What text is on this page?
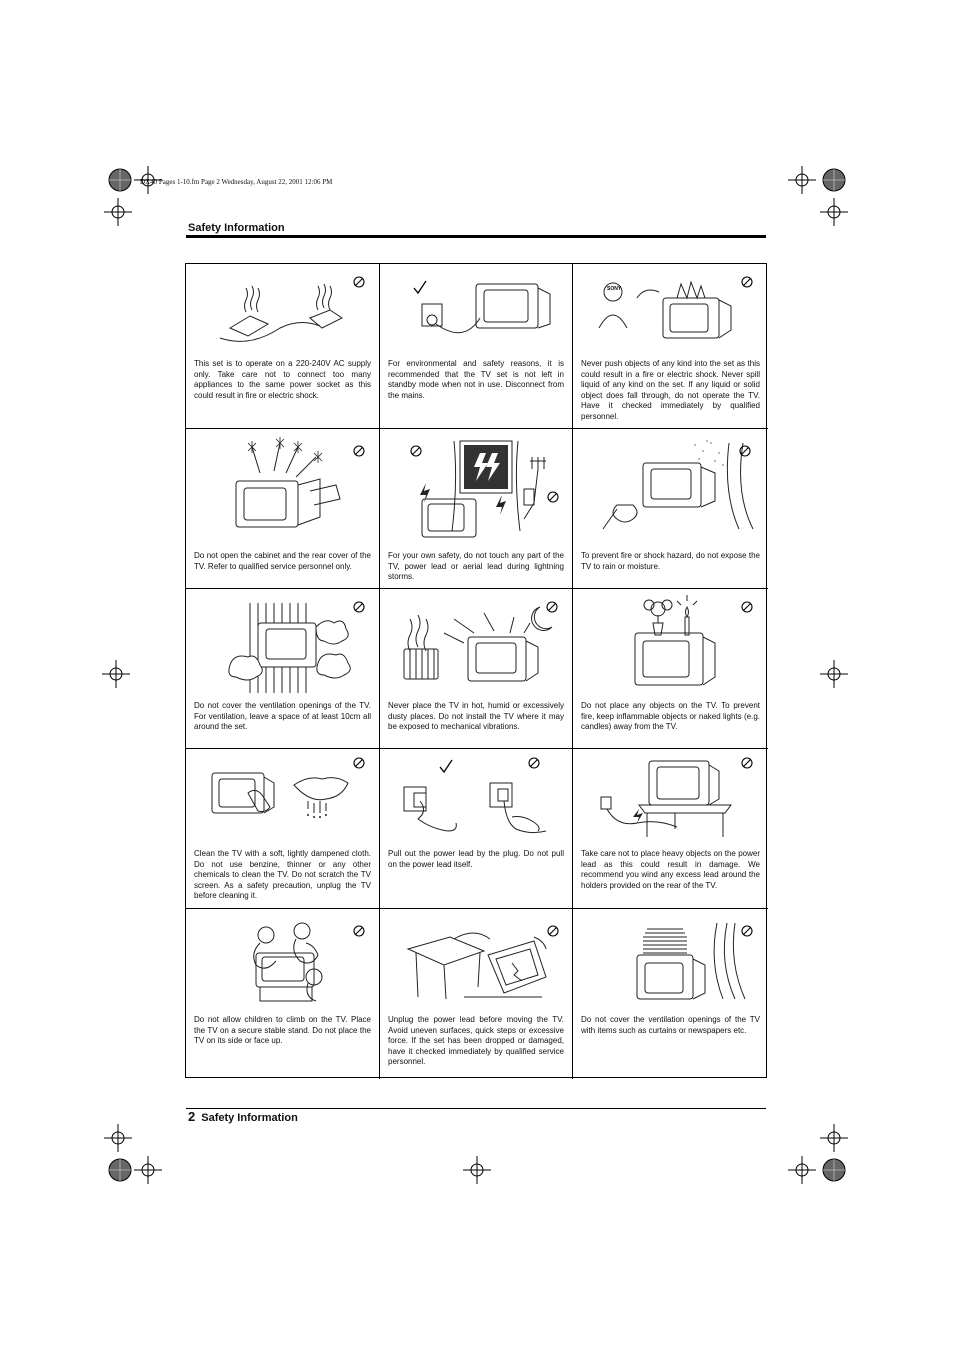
DX40 Pages 1-10.fm Page 2 Wednesday, August 22, 2001 12:06 PM
Safety Information
This set is to operate on a 220-240V AC supply only. Take care not to connect too many appliances to the same power socket as this could result in fire or electric shock.
For environmental and safety reasons, it is recommended that the TV set is not left in standby mode when not in use. Disconnect from the mains.
SONY
Never push objects of any kind into the set as this could result in a fire or electric shock. Never spill liquid of any kind on the set. If any liquid or solid object does fall through, do not operate the TV. Have it checked immediately by qualified personnel.
Do not open the cabinet and the rear cover of the TV. Refer to qualified service personnel only.
For your own safety, do not touch any part of the TV, power lead or aerial lead during lightning storms.
To prevent fire or shock hazard, do not expose the TV to rain or moisture.
Do not cover the ventilation openings of the TV. For ventilation, leave a space of at least 10cm all around the set.
Never place the TV in hot, humid or excessively dusty places. Do not install the TV where it may be exposed to mechanical vibrations.
Do not place any objects on the TV. To prevent fire, keep inflammable objects or naked lights (e.g. candles) away from the TV.
Clean the TV with a soft, lightly dampened cloth. Do not use benzine, thinner or any other chemicals to clean the TV. Do not scratch the TV screen. As a safety precaution, unplug the TV before cleaning it.
Pull out the power lead by the plug. Do not pull on the power lead itself.
Take care not to place heavy objects on the power lead as this could result in damage. We recommend you wind any excess lead around the holders provided on the rear of the TV.
Do not allow children to climb on the TV. Place the TV on a secure stable stand. Do not place the TV on its side or face up.
Unplug the power lead before moving the TV. Avoid uneven surfaces, quick steps or excessive force. If the set has been dropped or damaged, have it checked immediately by qualified service personnel.
Do not cover the ventilation openings of the TV with items such as curtains or newspapers etc.
2 Safety Information
